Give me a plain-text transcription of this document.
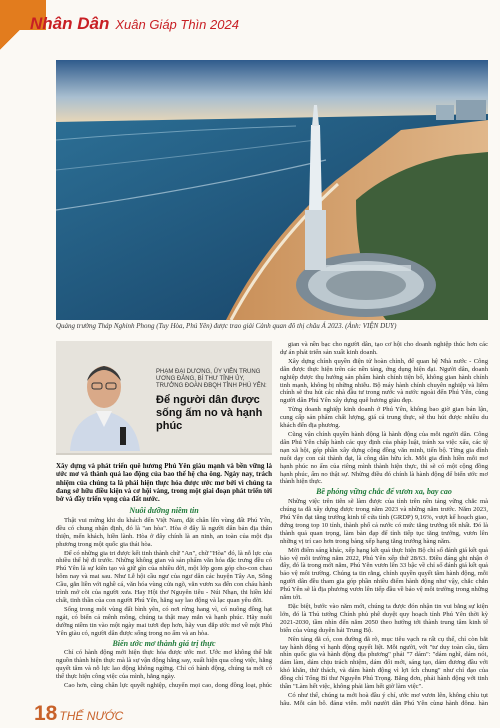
Nhân Dân Xuân Giáp Thìn 2024
Quảng trường Tháp Nghinh Phong (Tuy Hòa, Phú Yên) được trao giải Cảnh quan đô thị châu Á 2023. (Ảnh: VIỆN DUY)
PHẠM ĐẠI DƯƠNG, ỦY VIÊN TRUNG ƯƠNG ĐẢNG, BÍ THƯ TỈNH ỦY,
TRƯỞNG ĐOÀN ĐBQH TỈNH PHÚ YÊN:
Để người dân được sống ấm no và hạnh phúc
Xây dựng và phát triển quê hương Phú Yên giàu mạnh và bền vững là ước mơ và thành quả lao động của bao thế hệ cha ông. Ngày nay, trách nhiệm của chúng ta là phải hiện thực hóa được ước mơ bởi vì chúng ta đang sở hữu điều kiện và cơ hội vàng, trong một giai đoạn phát triển tới bờ và đầy triển vọng của đất nước.
Nuôi dưỡng niềm tin

Thật vui mừng khi du khách đến Việt Nam, đặt chân lên vùng đất Phú Yên, đều có chung nhận định, đó là "an hòa". Hòa ở đây là người dân bản địa thân thiện, mến khách, hiền lành. Hòa ở đây chính là an ninh, an toàn của một địa phương trong một quốc gia thái hòa.

Để có những gia tri được kết tinh thành chữ "An", chữ "Hòa" đó, là nỗ lực của nhiều thế hệ đi trước. Những không gian và sản phẩm văn hóa đặc trưng đều có Phú Yên là sự kiên tạo và giữ gìn của nhiều đời, một lớp gom góp cho-con chau hôm nay và mai sau. Như Lễ hội cầu ngư của ngư dân các huyện Tây An, Sông Cầu, gắn liền với nghề cá, văn hóa vùng cửa ngõ, văn vươn xa đến con cháu hành trình mở cõi của người xưa. Hay Hội thơ Nguyên tiêu - Núi Nhạn, thi hiền khí chất, tinh thần của con người Phú Yên, hăng say lao động và lạc quan yêu đời.

Sống trong môi vùng đất bình yên, có nơi rừng hang vì, có nuông đồng hạt ngát, có biển cả mênh mông, chúng ta thật may mắn và hạnh phúc. Hãy nuôi dưỡng niềm tin vào một ngày mai tươi đẹp hơn, hãy vun đắp ước mơ về một Phú Yên giàu có, người dân được sống trong no ấm và an hòa.

Biến ước mơ thành giá trị thực

Chỉ có hành động mới hiện thực hóa được ước mơ. Ước mơ không thể bắt nguồn thành hiện thực mà là sự vận động hăng say, xuất hiện qua công việc, hằng quyết tâm và nỗ lực lao động không ngừng. Chỉ có hành động, chúng ta mới có thể thực hiện công việc của mình, hằng ngày.

Cao hơn, cũng chân lực quyết nghiệp, chuyển mọi cao, dong đồng loạt, phúc

gian và nền bạc cho người dân, tạo cơ hội cho doanh nghiệp thúc hơn các dự án phát triển sản xuất kinh doanh.

Xây dựng chính quyền điện tử hoàn chỉnh, để quan hệ Nhà nước - Công dân được thực hiện trên các nền tảng, ứng dụng hiện đại. Người dân, doanh nghiệp được thụ hưởng sản phẩm hành chính tiện bổ, không gian hành chính tinh mạnh, không bị những nhiễu. Bộ máy hành chính chuyên nghiệp và liêm chính sẽ thu hút các nhà đầu tư trong nước và nước ngoài đến Phú Yên, cùng người dân Phú Yên xây dựng quê hương giàu đẹp.

Từng doanh nghiệp kinh doanh ở Phú Yên, không bao giờ gian bán lận, cung cấp sản phẩm chất lượng, giá cả trung thực, sẽ thu hút được nhiều du khách đến địa phương.

Cũng vận chính quyền hành động là hành động của mỗi người dân. Công dân Phú Yên chấp hành các quy định của pháp luật, tránh xa việc xấu, các tệ nạn xã hội, góp phần xây dựng cộng đồng văn minh, tiến bộ. Từng gia đình nuôi dạy con cái thành đạt, là công dân hữu ích. Mỗi gia đình hiền mỗi mơ hạnh phúc no ấm của riêng mình thành hiện thực, thì sẽ có một cộng đồng hạnh phúc, ấm no thật sự. Những điều đó chính là hành động để biến ước mơ thành hiện thực.

Bề phóng vững chắc để vươn xa, bay cao

Những việc trên tiên sẽ làm được của tỉnh trên nền tảng vững chắc mà chúng ta đã xây dựng được trong năm 2023 và những năm trước. Năm 2023, Phú Yên đạt tăng trưởng kinh tế cửa tỉnh (GRDP) 9,16%, vượt kế hoạch giao, đứng trong top 10 tỉnh, thành phố cả nước có mức tăng trưởng tốt nhất. Đó là thành quả quan trọng, làm bàn đạp để tỉnh tiếp tục tăng trưởng, vươn lên những vị trí cao hơn trong bảng xếp hạng tăng trưởng hàng năm.

Mời điểm sáng khác, xếp hạng kết quả thực hiện Bộ chỉ số đánh giá kết quả bảo vệ môi trường năm 2022, Phú Yên xếp thứ 28/63. Điều đáng ghi nhận ở đây, đó là trong mới năm, Phú Yên vươn lên 33 bậc về chỉ số đánh giá kết quả bảo vệ môi trường. Chúng ta tin rằng, chính quyền quyết tâm hành động, mỗi người dân đều tham gia góp phần nhiều điểm hành động như vậy, chắc chắn Phú Yên sẽ là địa phương vươn lên tiếp đầu về bảo vệ môi trường trong những năm tới.

Đặc biệt, bước vào năm mới, chúng ta được đón nhận tin vui bằng sự kiện lớn, đó là Thủ tướng Chính phủ phê duyệt quy hoạch tỉnh Phú Yên thời kỳ 2021-2030, tầm nhìn đến năm 2050 theo hướng tới thành trung tâm kinh tế biển của vùng duyên hải Trung Bộ.

Nên tảng đã có, con đường đã rõ, mục tiêu vạch ra rất cụ thể, chỉ còn bắt tay hành động vì hạnh động quyết liệt. Mỗi người, với "tư duy toàn cầu, tầm nhìn quốc gia và hành động địa phương" phải "7 dám": "dám nghĩ, dám nói, dám làm, dám chịu trách nhiệm, dám đổi mới, sáng tạo, dám đương đầu với khó khăn, thử thách, và dám hành động vì lợi ích chung" như chỉ đạo của đồng chí Tổng Bí thư Nguyễn Phú Trọng. Bằng đơn, phải hành động với tinh thần "Làm hết việc, không phải làm hết giờ làm việc".

Có như thế, chúng ta mới hoà đầu ý chí, ước mơ vươn lên, không chìu tụt hậu. Mỗi cán bộ, đảng viên, mỗi người dân Phú Yên cùng hành động, hàn

18 THẾ NƯỚC
